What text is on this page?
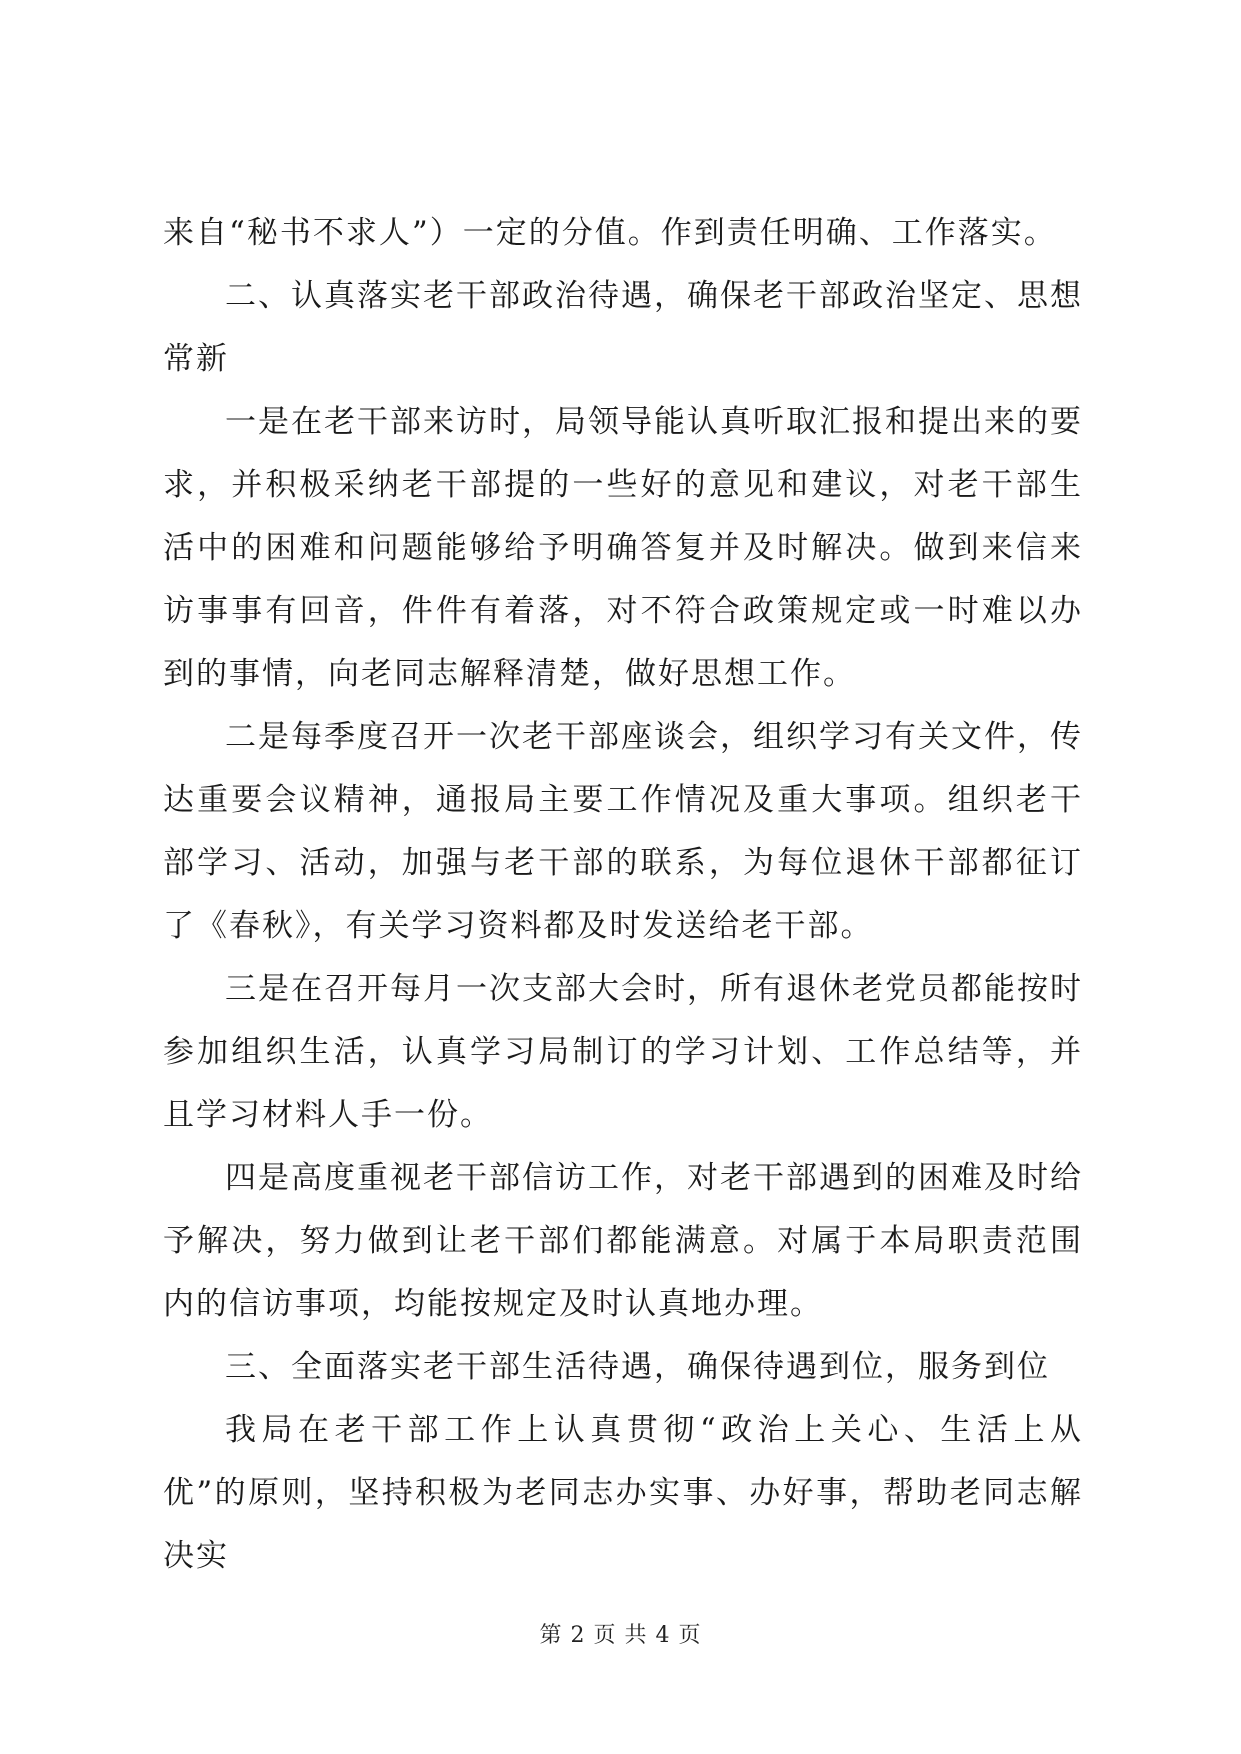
来自“秘书不求人”）一定的分值。作到责任明确、工作落实。

二、认真落实老干部政治待遇，确保老干部政治坚定、思想常新

一是在老干部来访时，局领导能认真听取汇报和提出来的要求，并积极采纳老干部提的一些好的意见和建议，对老干部生活中的困难和问题能够给予明确答复并及时解决。做到来信来访事事有回音，件件有着落，对不符合政策规定或一时难以办到的事情，向老同志解释清楚，做好思想工作。

二是每季度召开一次老干部座谈会，组织学习有关文件，传达重要会议精神，通报局主要工作情况及重大事项。组织老干部学习、活动，加强与老干部的联系，为每位退休干部都征订了《春秋》，有关学习资料都及时发送给老干部。

三是在召开每月一次支部大会时，所有退休老党员都能按时参加组织生活，认真学习局制订的学习计划、工作总结等，并且学习材料人手一份。

四是高度重视老干部信访工作，对老干部遇到的困难及时给予解决，努力做到让老干部们都能满意。对属于本局职责范围内的信访事项，均能按规定及时认真地办理。

三、全面落实老干部生活待遇，确保待遇到位，服务到位

我局在老干部工作上认真贯彻“政治上关心、生活上从优”的原则，坚持积极为老同志办实事、办好事，帮助老同志解决实

第 2 页 共 4 页
